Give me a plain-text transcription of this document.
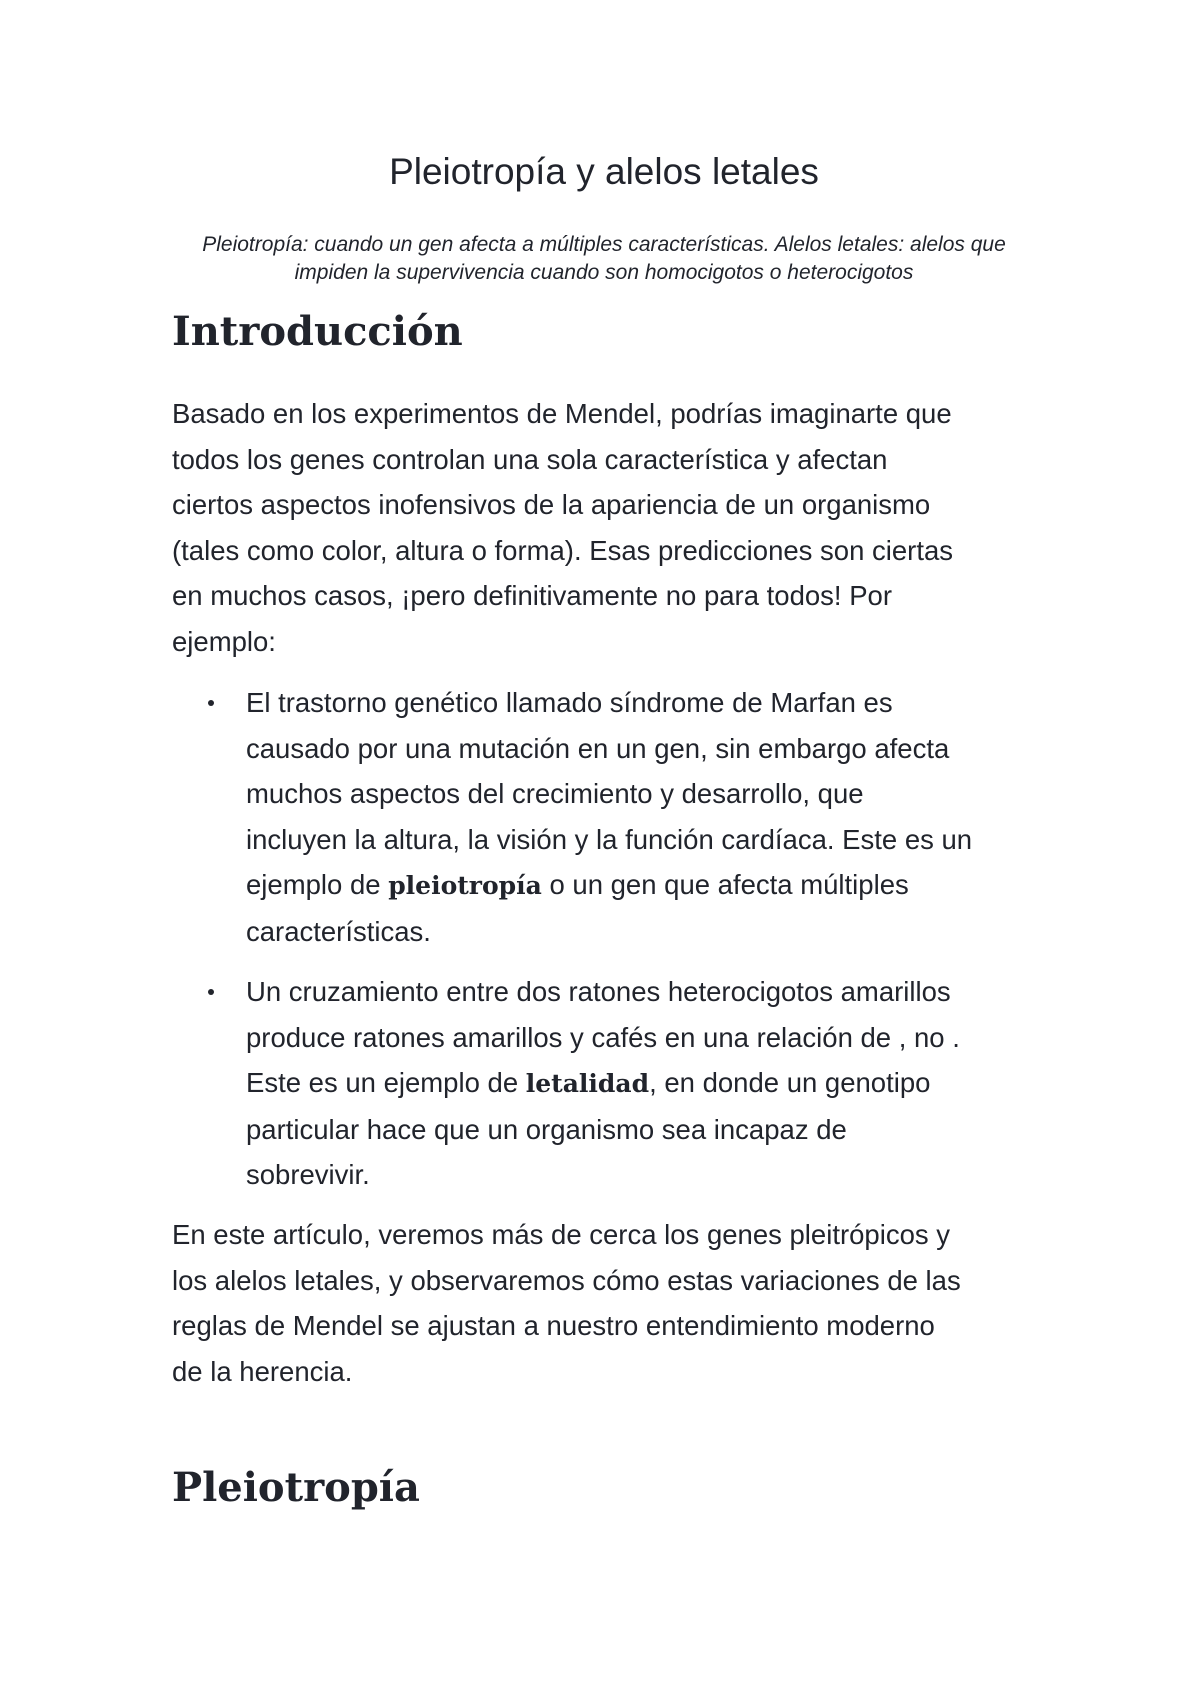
Pleiotropía y alelos letales

Pleiotropía: cuando un gen afecta a múltiples características. Alelos letales: alelos que
impiden la supervivencia cuando son homocigotos o heterocigotos

Introducción

Basado en los experimentos de Mendel, podrías imaginarte que
todos los genes controlan una sola característica y afectan
ciertos aspectos inofensivos de la apariencia de un organismo
(tales como color, altura o forma). Esas predicciones son ciertas
en muchos casos, ¡pero definitivamente no para todos! Por
ejemplo:

El trastorno genético llamado síndrome de Marfan es
causado por una mutación en un gen, sin embargo afecta
muchos aspectos del crecimiento y desarrollo, que
incluyen la altura, la visión y la función cardíaca. Este es un
ejemplo de pleiotropía o un gen que afecta múltiples
características.
Un cruzamiento entre dos ratones heterocigotos amarillos
produce ratones amarillos y cafés en una relación de , no .
Este es un ejemplo de letalidad, en donde un genotipo
particular hace que un organismo sea incapaz de
sobrevivir.

En este artículo, veremos más de cerca los genes pleitrópicos y
los alelos letales, y observaremos cómo estas variaciones de las
reglas de Mendel se ajustan a nuestro entendimiento moderno
de la herencia.

Pleiotropía
